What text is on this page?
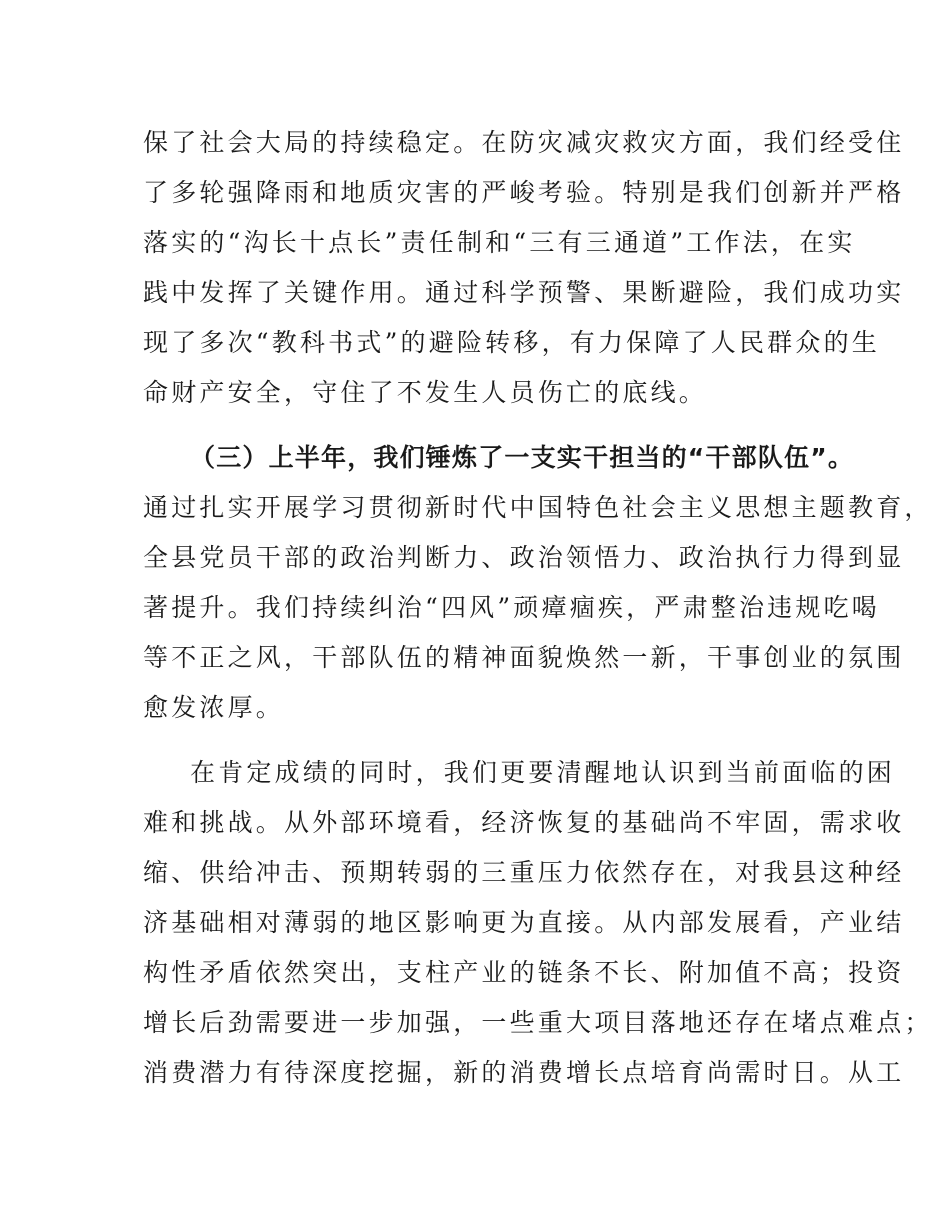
保了社会大局的持续稳定。在防灾减灾救灾方面，我们经受住
了多轮强降雨和地质灾害的严峻考验。特别是我们创新并严格
落实的“沟长十点长”责任制和“三有三通道”工作法，在实
践中发挥了关键作用。通过科学预警、果断避险，我们成功实
现了多次“教科书式”的避险转移，有力保障了人民群众的生
命财产安全，守住了不发生人员伤亡的底线。
（三）上半年，我们锤炼了一支实干担当的“干部队伍”。
通过扎实开展学习贯彻新时代中国特色社会主义思想主题教育，
全县党员干部的政治判断力、政治领悟力、政治执行力得到显
著提升。我们持续纠治“四风”顽瘴痼疾，严肃整治违规吃喝
等不正之风，干部队伍的精神面貌焕然一新，干事创业的氛围
愈发浓厚。
在肯定成绩的同时，我们更要清醒地认识到当前面临的困
难和挑战。从外部环境看，经济恢复的基础尚不牢固，需求收
缩、供给冲击、预期转弱的三重压力依然存在，对我县这种经
济基础相对薄弱的地区影响更为直接。从内部发展看，产业结
构性矛盾依然突出，支柱产业的链条不长、附加值不高；投资
增长后劲需要进一步加强，一些重大项目落地还存在堵点难点；
消费潜力有待深度挖掘，新的消费增长点培育尚需时日。从工
